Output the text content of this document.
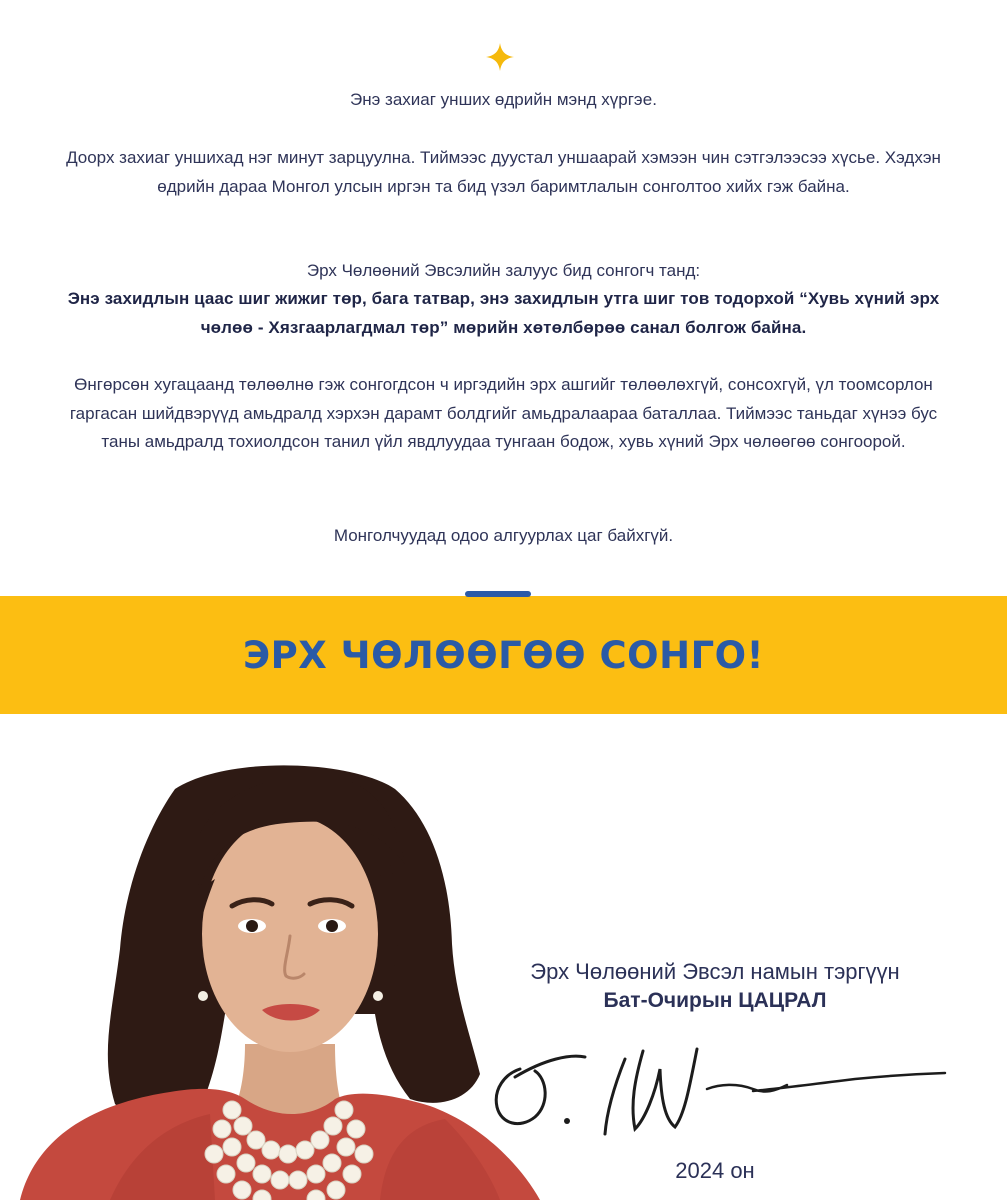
Энэ захиаг унших өдрийн мэнд хүргэе.

Доорх захиаг уншихад нэг минут зарцуулна. Тиймээс дуустал уншаарай хэмээн чин сэтгэлээсээ хүсье. Хэдхэн өдрийн дараа Монгол улсын иргэн та бид үзэл баримтлалын сонголтоо хийх гэж байна.

Эрх Чөлөөний Эвсэлийн залуус бид сонгогч танд:

Энэ захидлын цаас шиг жижиг төр, бага татвар, энэ захидлын утга шиг тов тодорхой “Хувь хүний эрх чөлөө - Хязгаарлагдмал төр” мөрийн хөтөлбөрөө санал болгож байна.

Өнгөрсөн хугацаанд төлөөлнө гэж сонгогдсон ч иргэдийн эрх ашгийг төлөөлөхгүй, сонсохгүй, үл тоомсорлон гаргасан шийдвэрүүд амьдралд хэрхэн дарамт болдгийг амьдралаараа баталлаа. Тиймээс таньдаг хүнээ бус таны амьдралд тохиолдсон танил үйл явдлуудаа тунгаан бодож, хувь хүний Эрх чөлөөгөө сонгоорой.

Монголчуудад одоо алгуурлах цаг байхгүй.

ЭРХ ЧӨЛӨӨГӨӨ СОНГО!

Эрх Чөлөөний Эвсэл намын тэргүүн

Бат-Очирын ЦАЦРАЛ

2024 он
